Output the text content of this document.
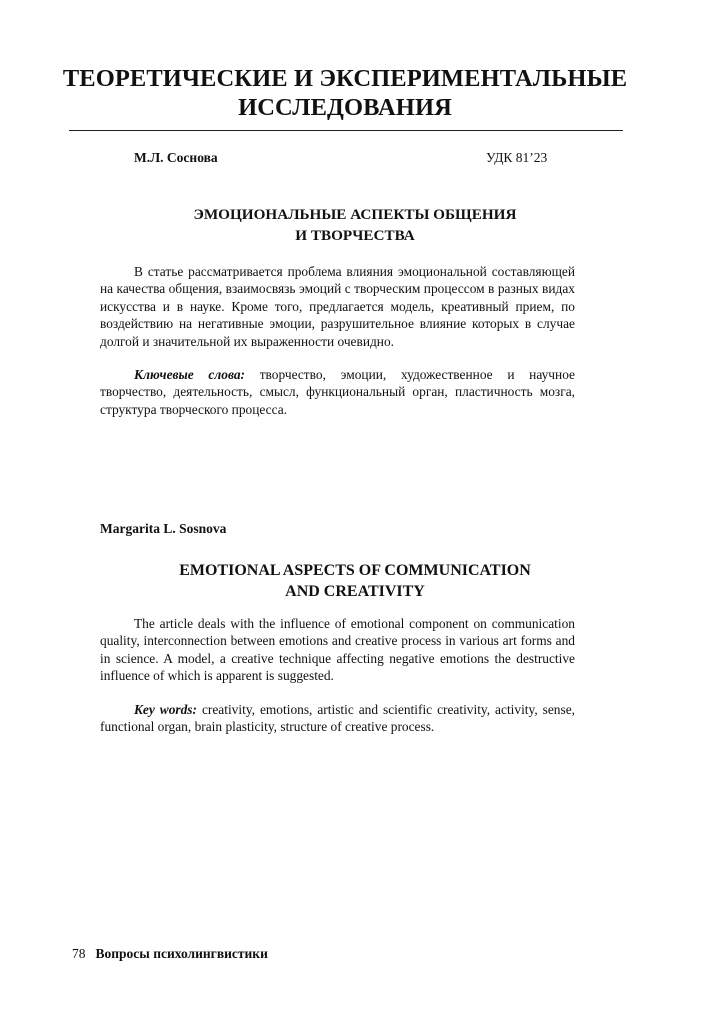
ТЕОРЕТИЧЕСКИЕ И ЭКСПЕРИМЕНТАЛЬНЫЕ
ИССЛЕДОВАНИЯ
М.Л. Соснова	УДК 81’23
ЭМОЦИОНАЛЬНЫЕ АСПЕКТЫ ОБЩЕНИЯ
И ТВОРЧЕСТВА

В статье рассматривается проблема влияния эмоциональной составляющей на качества общения, взаимосвязь эмоций с творческим процессом в разных видах искусства и в науке. Кроме того, предлагается модель, креативный прием, по воздействию на негативные эмоции, разрушительное влияние которых в случае долгой и значительной их выраженности очевидно.

Ключевые слова: творчество, эмоции, художественное и научное творчество, деятельность, смысл, функциональный орган, пластичность мозга, структура творческого процесса.

Margarita L. Sosnova
EMOTIONAL ASPECTS OF COMMUNICATION
AND CREATIVITY

The article deals with the influence of emotional component on communication quality, interconnection between emotions and creative process in various art forms and in science. A model, a creative technique affecting negative emotions the destructive influence of which is apparent is suggested.

Key words: creativity, emotions, artistic and scientific creativity, activity, sense, functional organ, brain plasticity, structure of creative process.

78 Вопросы психолингвистики
